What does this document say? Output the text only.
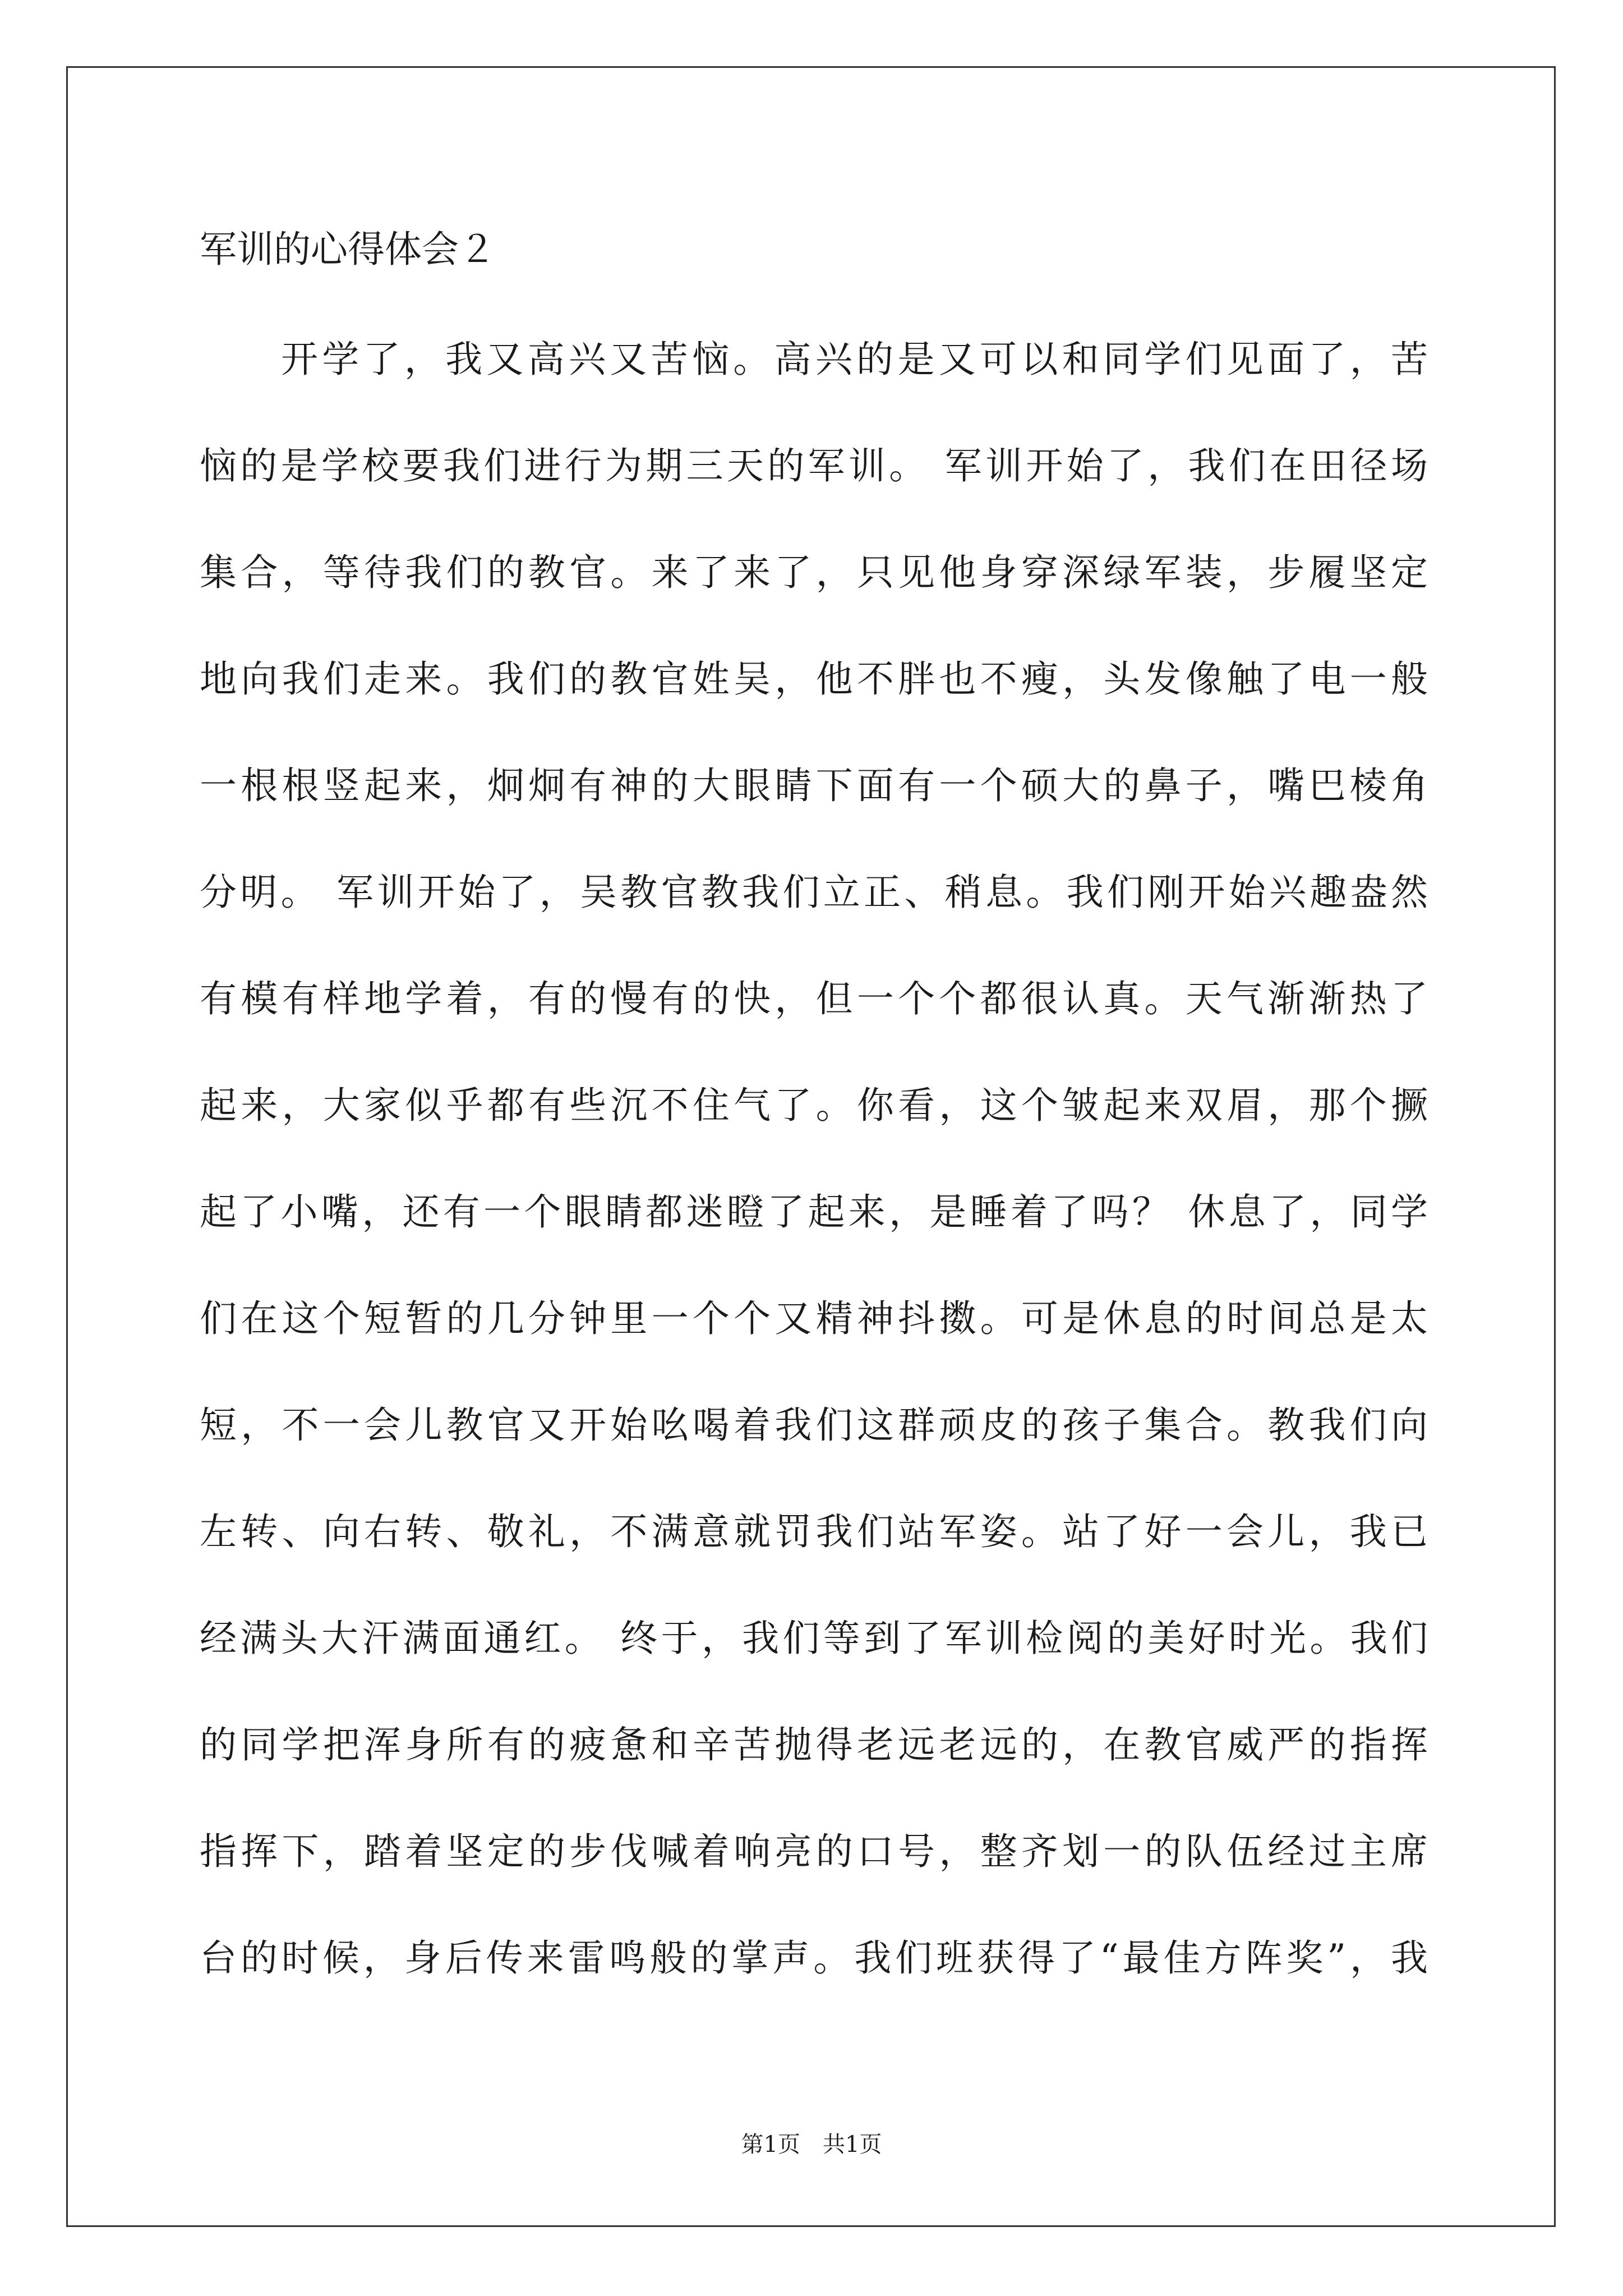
军训的心得体会２
开学了，我又高兴又苦恼。高兴的是又可以和同学们见面了，苦
恼的是学校要我们进行为期三天的军训。 军训开始了，我们在田径场
集合，等待我们的教官。来了来了，只见他身穿深绿军装，步履坚定
地向我们走来。我们的教官姓吴，他不胖也不瘦，头发像触了电一般
一根根竖起来，炯炯有神的大眼睛下面有一个硕大的鼻子，嘴巴棱角
分明。 军训开始了，吴教官教我们立正、稍息。我们刚开始兴趣盎然
有模有样地学着，有的慢有的快，但一个个都很认真。天气渐渐热了
起来，大家似乎都有些沉不住气了。你看，这个皱起来双眉，那个撅
起了小嘴，还有一个眼睛都迷瞪了起来，是睡着了吗？ 休息了，同学
们在这个短暂的几分钟里一个个又精神抖擞。可是休息的时间总是太
短，不一会儿教官又开始吆喝着我们这群顽皮的孩子集合。教我们向
左转、向右转、敬礼，不满意就罚我们站军姿。站了好一会儿，我已
经满头大汗满面通红。 终于，我们等到了军训检阅的美好时光。我们
的同学把浑身所有的疲惫和辛苦抛得老远老远的，在教官威严的指挥
指挥下，踏着坚定的步伐喊着响亮的口号，整齐划一的队伍经过主席
台的时候，身后传来雷鸣般的掌声。我们班获得了“最佳方阵奖”，我
第1页　共1页
